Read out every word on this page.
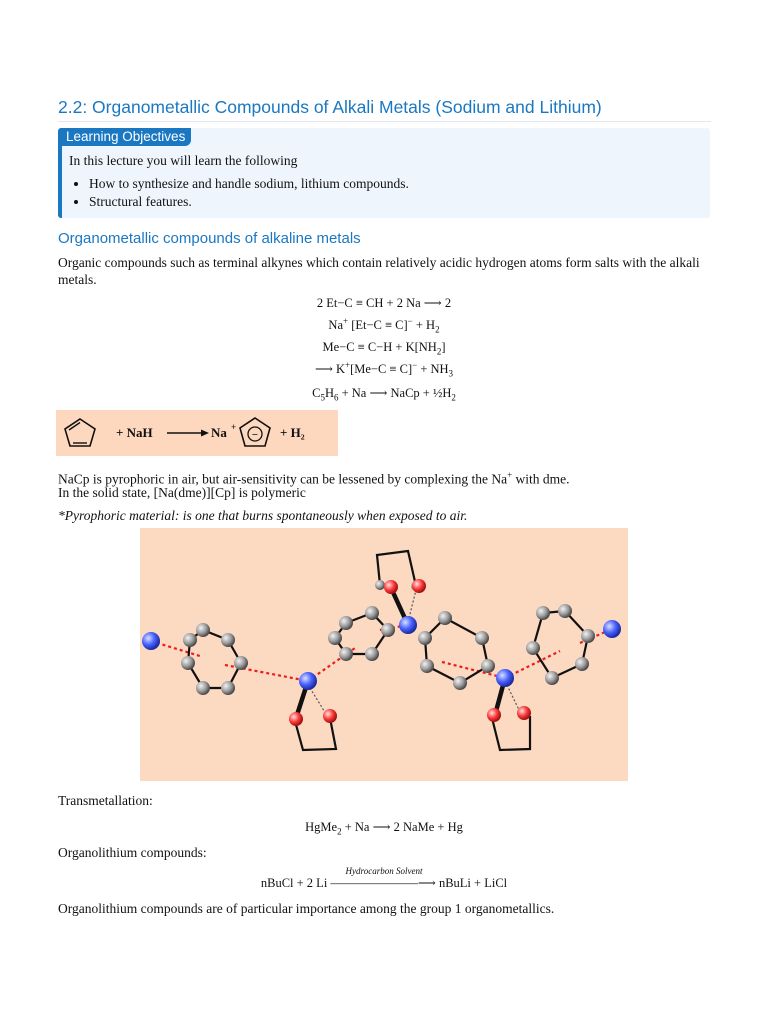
2.2: Organometallic Compounds of Alkali Metals (Sodium and Lithium)
Learning Objectives
In this lecture you will learn the following
• How to synthesize and handle sodium, lithium compounds.
• Structural features.
Organometallic compounds of alkaline metals
Organic compounds such as terminal alkynes which contain relatively acidic hydrogen atoms form salts with the alkali metals.
2 Et−C ≡ CH + 2 Na ⟶ 2
Na+ $[Et-C \equiv C]^- + H_2$
$Me-C \equiv C-H + K[NH_2]$
⟶ $K^+[Me-C \equiv C]^- + NH_3$
$C_5H_6 + Na$ ⟶ NaCp + $\frac{1}{2}H_2$
+ NaH	Na +
− + H₂
NaCp is pyrophoric in air, but air-sensitivity can be lessened by complexing the Na+ with dme.
In the solid state, [Na(dme)][Cp] is polymeric
*Pyrophoric material: is one that burns spontaneously when exposed to air.
Transmetallation:
HgMe$_2$ + Na ⟶ 2 NaMe + Hg
Organolithium compounds:
Hydrocarbon Solvent
nBuCl + 2 Li ―――――――⟶ nBuLi + LiCl
Organolithium compounds are of particular importance among the group 1 organometallics.
